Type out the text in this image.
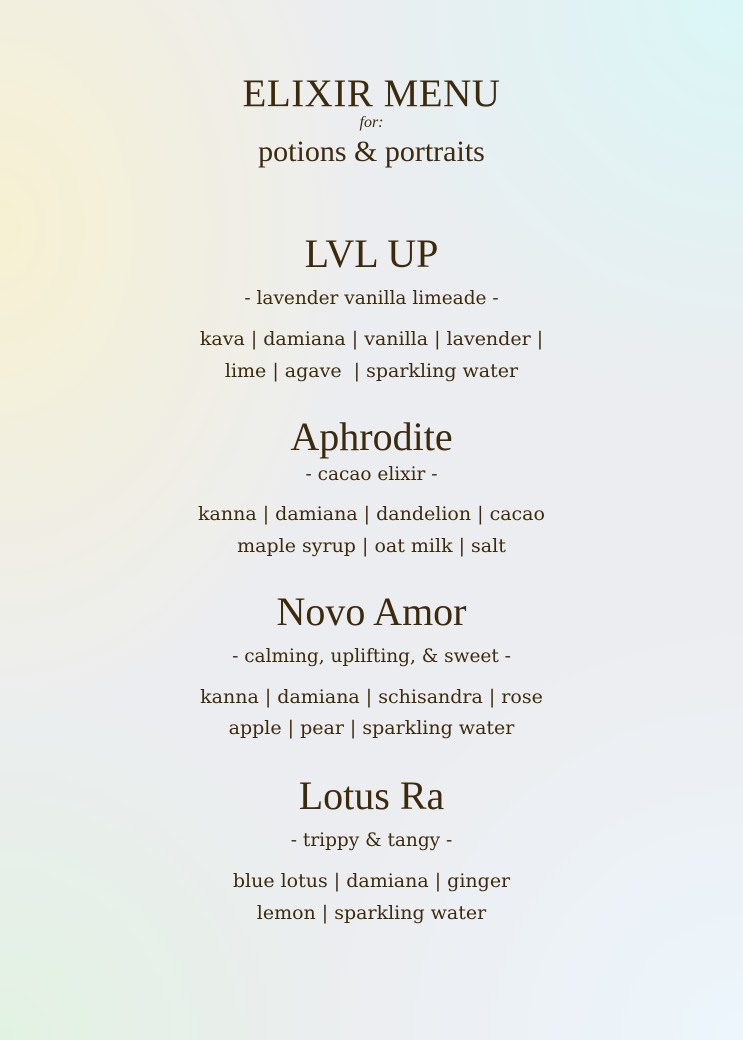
ELIXIR MENU
for:
potions & portraits
LVL UP
- lavender vanilla limeade -
kava | damiana | vanilla | lavender |
lime | agave  | sparkling water
Aphrodite
- cacao elixir -
kanna | damiana | dandelion | cacao
maple syrup | oat milk | salt
Novo Amor
- calming, uplifting, & sweet -
kanna | damiana | schisandra | rose
apple | pear | sparkling water
Lotus Ra
- trippy & tangy -
blue lotus | damiana | ginger
lemon | sparkling water
